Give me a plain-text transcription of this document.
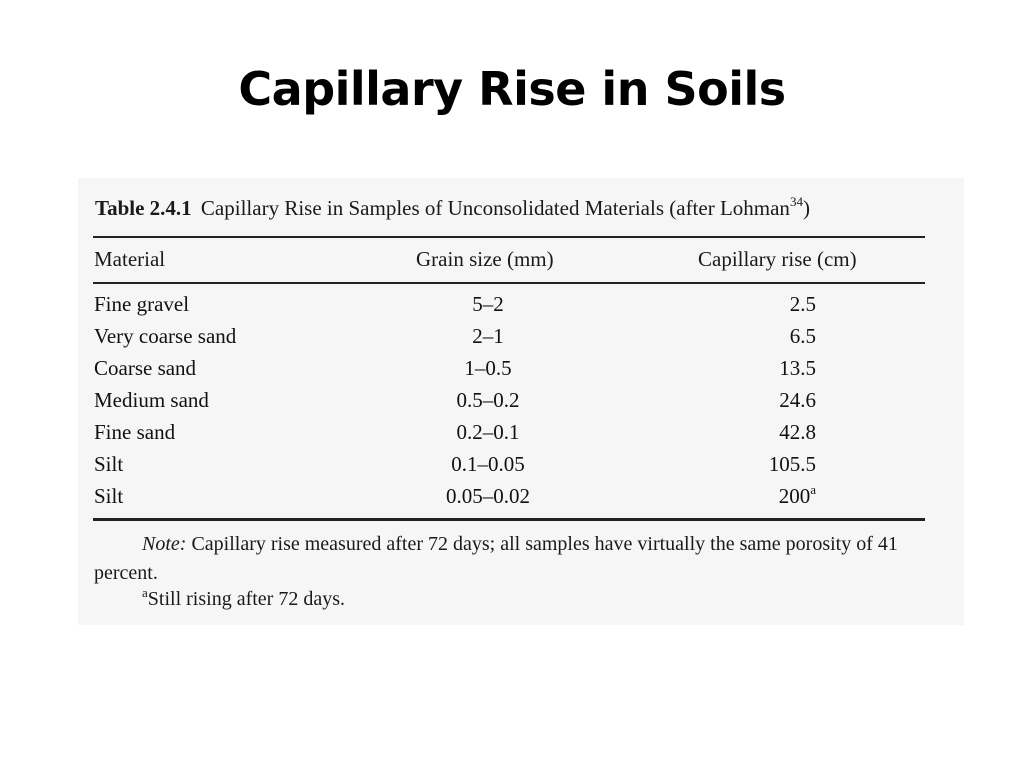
Capillary Rise in Soils
Table 2.4.1 Capillary Rise in Samples of Unconsolidated Materials (after Lohman$^{34}$)
Material	Grain size (mm)	Capillary rise (cm)
Fine gravel	5–2	2.5
Very coarse sand	2–1	6.5
Coarse sand	1–0.5	13.5
Medium sand	0.5–0.2	24.6
Fine sand	0.2–0.1	42.8
Silt	0.1–0.05	105.5
Silt	0.05–0.02	200$^a$
Note: Capillary rise measured after 72 days; all samples have virtually the same porosity of 41 percent.
$^a$Still rising after 72 days.
